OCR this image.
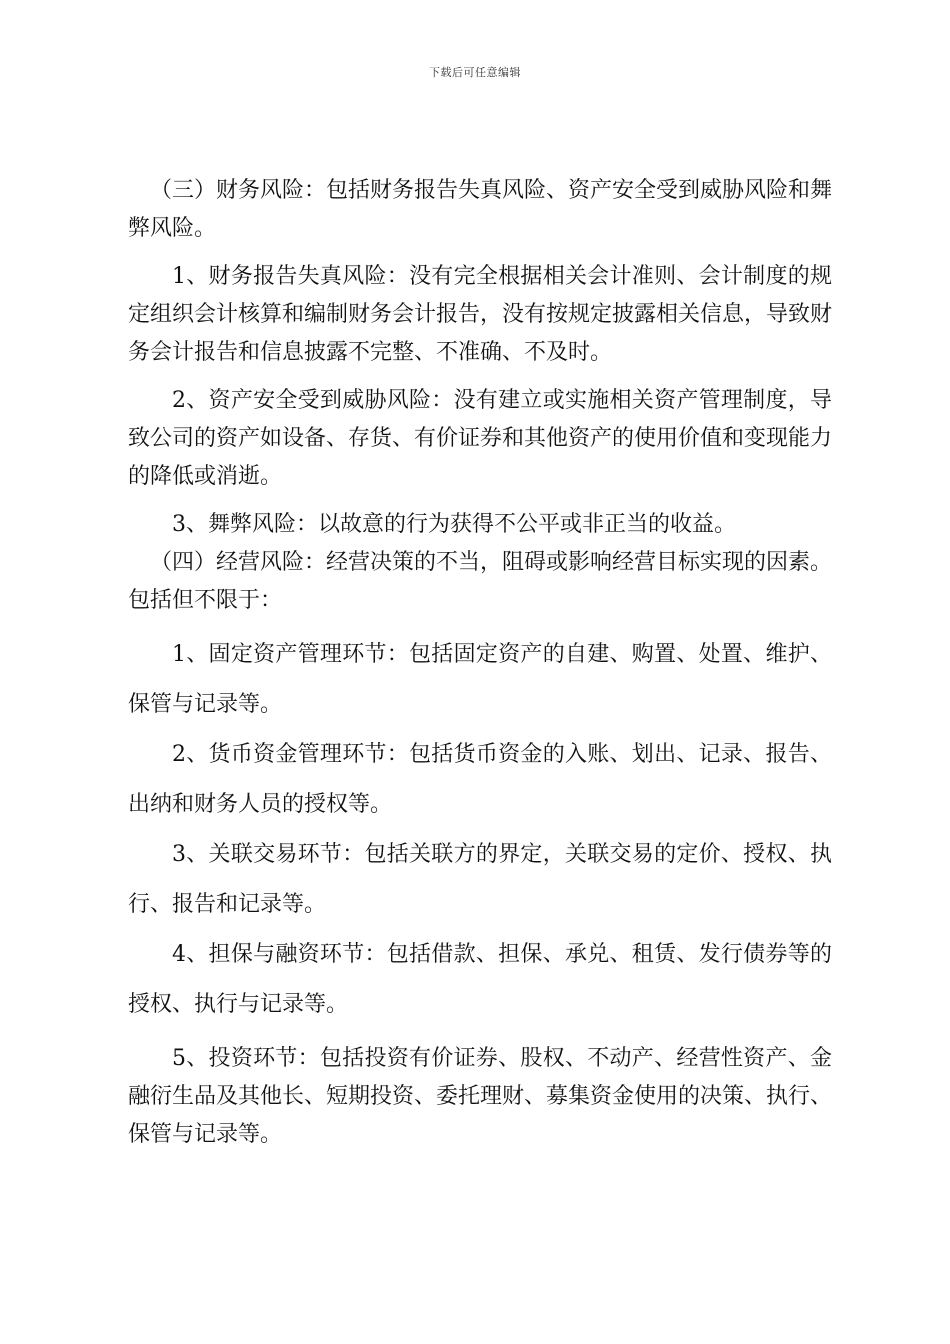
下载后可任意编辑

（三）财务风险：包括财务报告失真风险、资产安全受到威胁风险和舞弊风险。

1、财务报告失真风险：没有完全根据相关会计准则、会计制度的规定组织会计核算和编制财务会计报告，没有按规定披露相关信息，导致财务会计报告和信息披露不完整、不准确、不及时。

2、资产安全受到威胁风险：没有建立或实施相关资产管理制度，导致公司的资产如设备、存货、有价证券和其他资产的使用价值和变现能力的降低或消逝。

3、舞弊风险：以故意的行为获得不公平或非正当的收益。

（四）经营风险：经营决策的不当，阻碍或影响经营目标实现的因素。包括但不限于：

1、固定资产管理环节：包括固定资产的自建、购置、处置、维护、保管与记录等。

2、货币资金管理环节：包括货币资金的入账、划出、记录、报告、出纳和财务人员的授权等。

3、关联交易环节：包括关联方的界定，关联交易的定价、授权、执行、报告和记录等。

4、担保与融资环节：包括借款、担保、承兑、租赁、发行债券等的授权、执行与记录等。

5、投资环节：包括投资有价证券、股权、不动产、经营性资产、金融衍生品及其他长、短期投资、委托理财、募集资金使用的决策、执行、保管与记录等。
